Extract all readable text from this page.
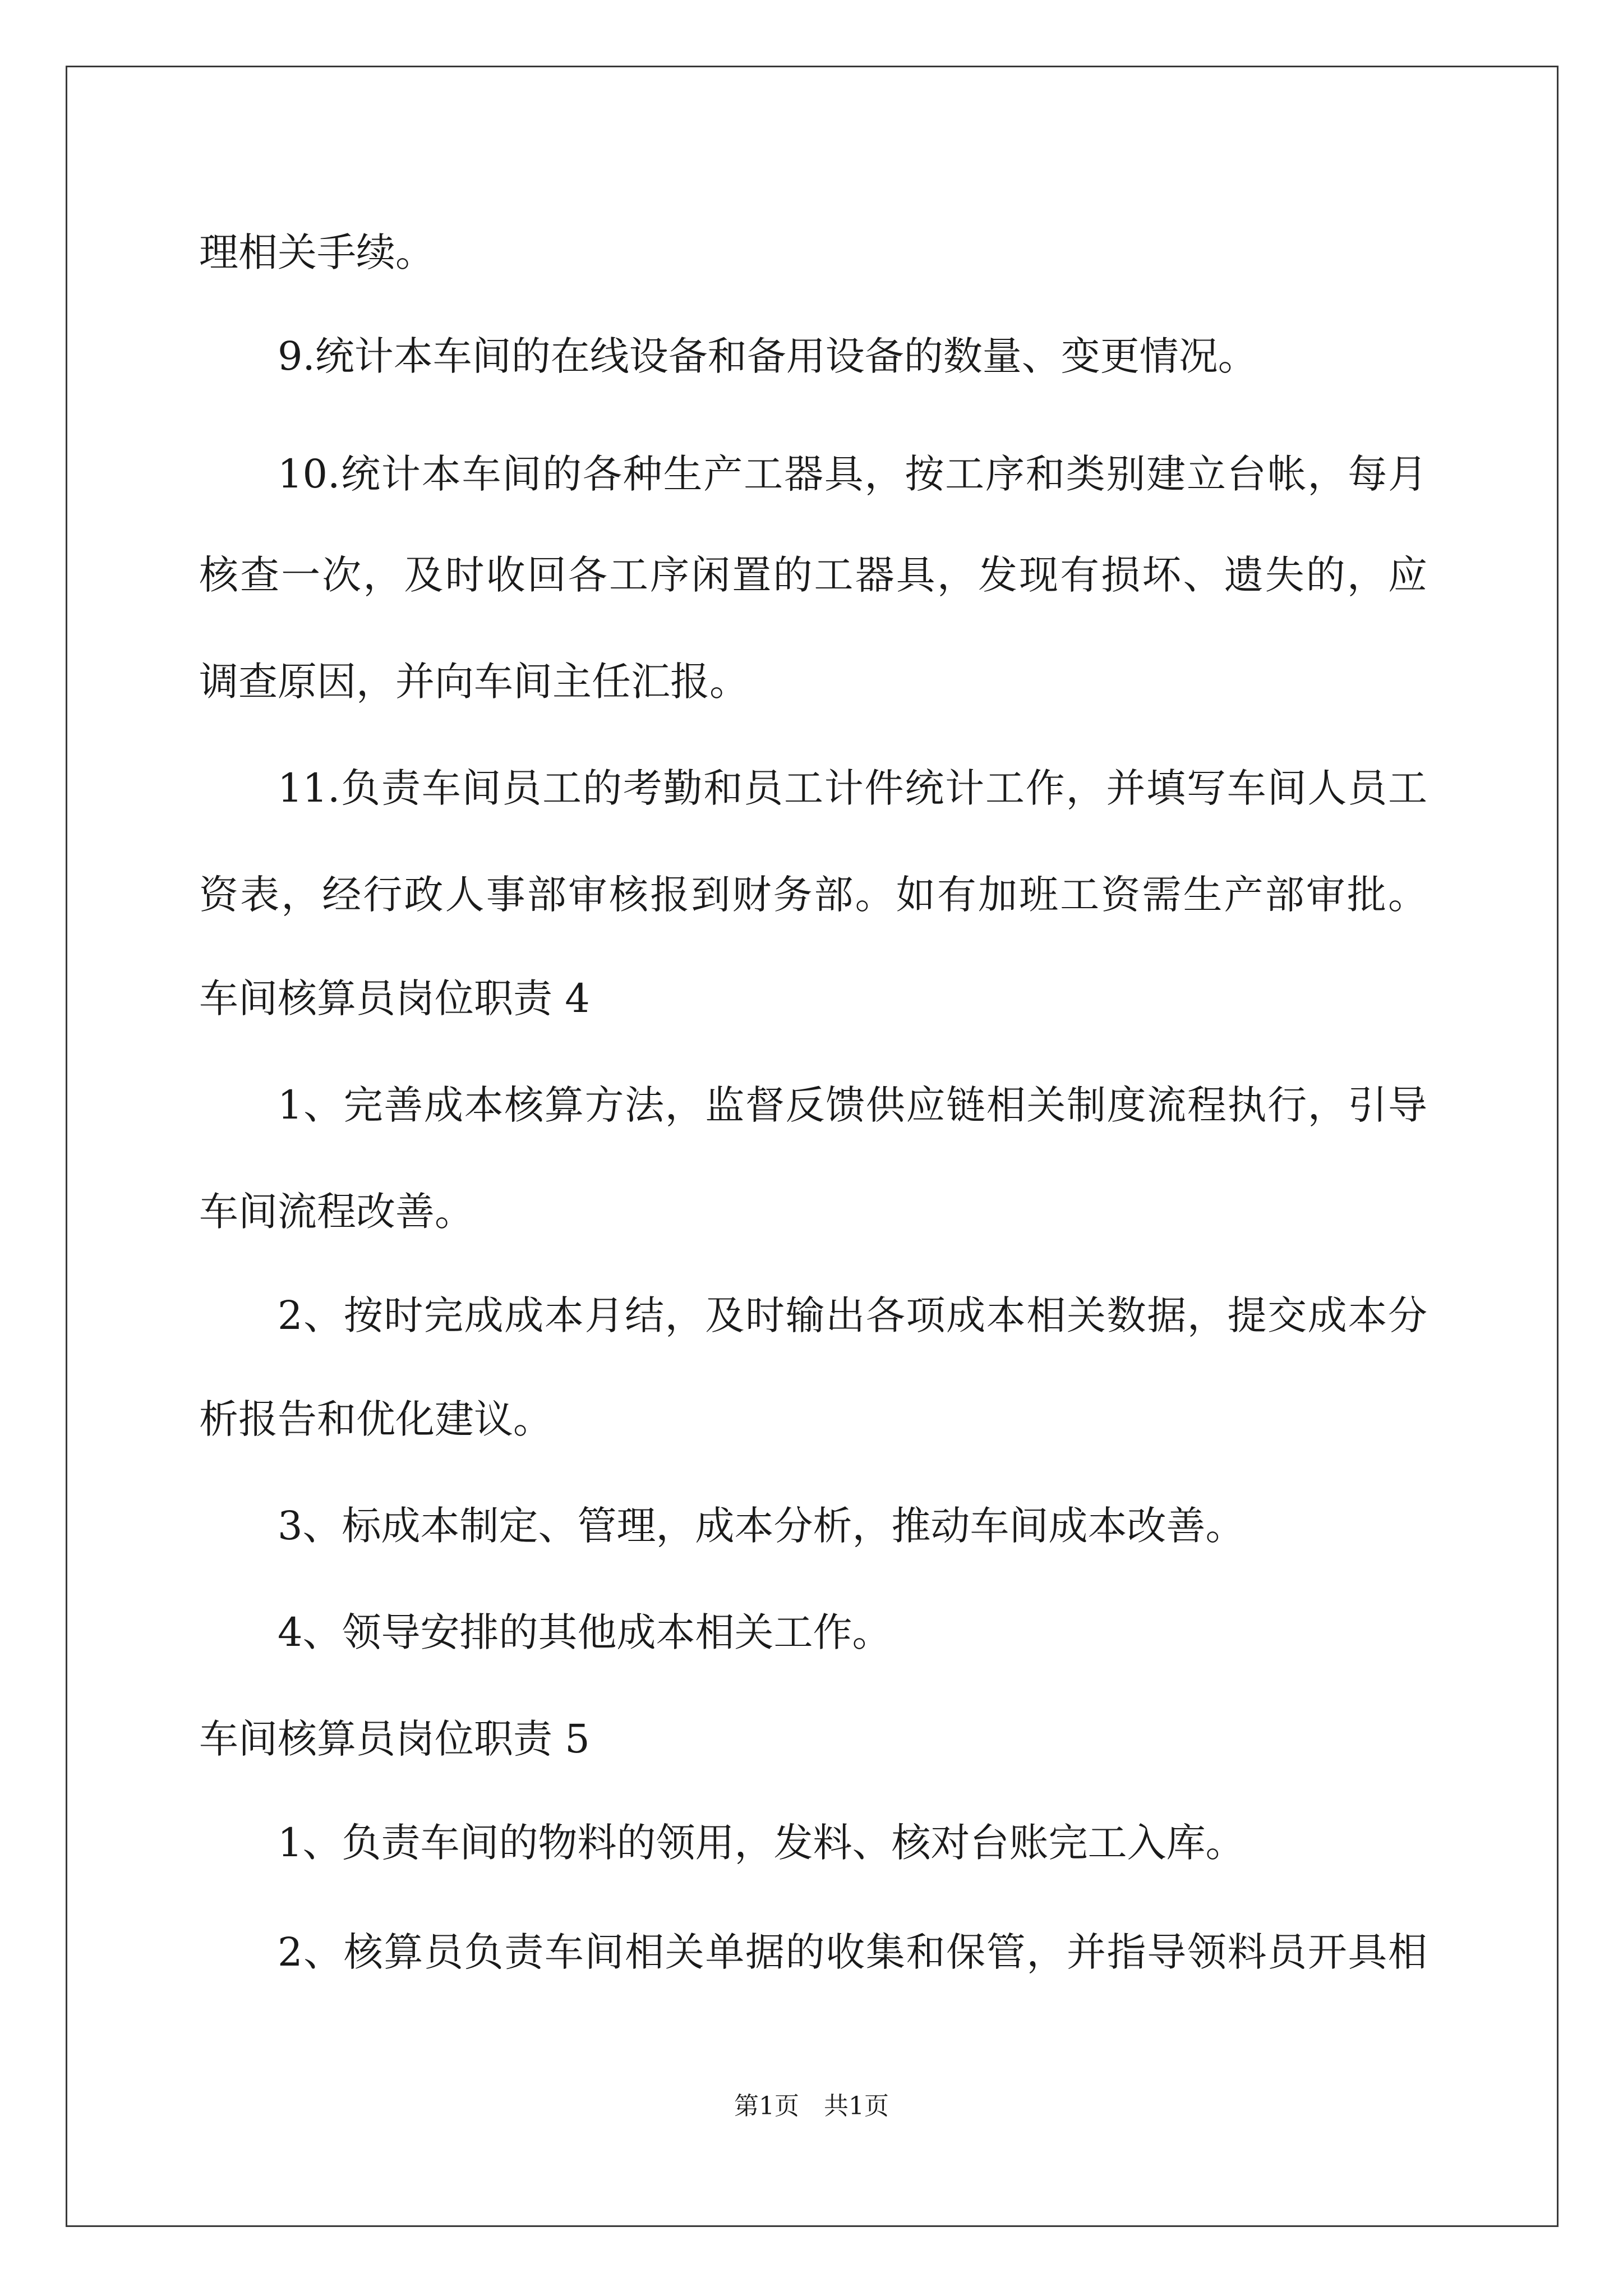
理相关手续。
9.统计本车间的在线设备和备用设备的数量、变更情况。
10.统计本车间的各种生产工器具，按工序和类别建立台帐，每月
核查一次，及时收回各工序闲置的工器具，发现有损坏、遗失的，应
调查原因，并向车间主任汇报。
11.负责车间员工的考勤和员工计件统计工作，并填写车间人员工
资表，经行政人事部审核报到财务部。如有加班工资需生产部审批。
车间核算员岗位职责 4
1、完善成本核算方法，监督反馈供应链相关制度流程执行，引导
车间流程改善。
2、按时完成成本月结，及时输出各项成本相关数据，提交成本分
析报告和优化建议。
3、标成本制定、管理，成本分析，推动车间成本改善。
4、领导安排的其他成本相关工作。
车间核算员岗位职责 5
1、负责车间的物料的领用，发料、核对台账完工入库。
2、核算员负责车间相关单据的收集和保管，并指导领料员开具相
第1页　共1页
